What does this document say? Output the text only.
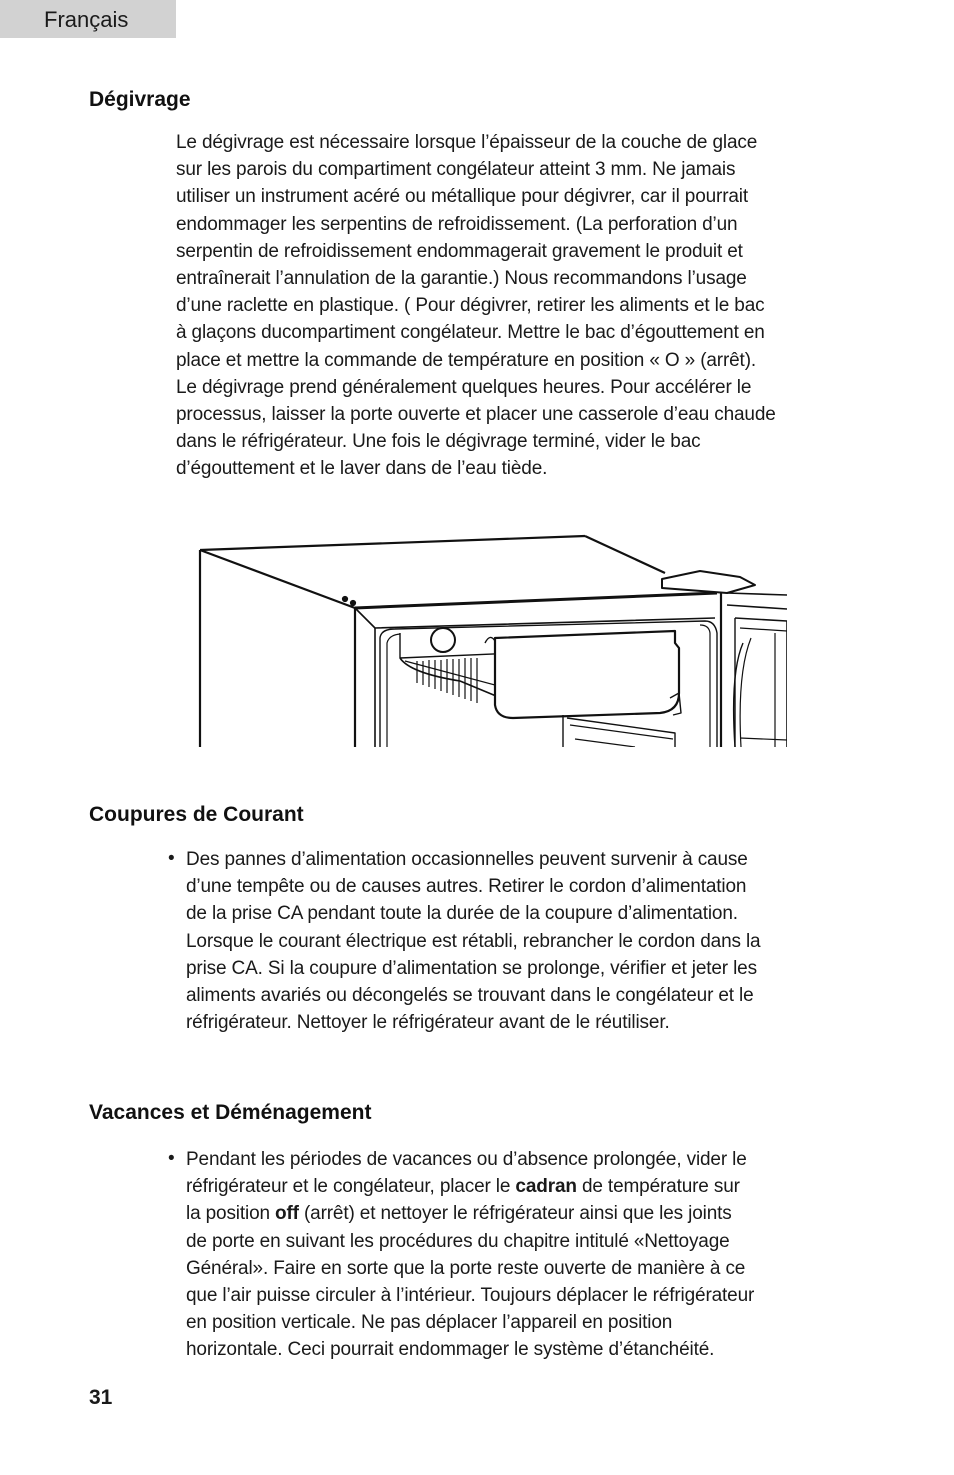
Français
Dégivrage
Le dégivrage est nécessaire lorsque l’épaisseur de la couche de glace
sur les parois du compartiment congélateur atteint 3 mm. Ne jamais
utiliser un instrument acéré ou métallique pour dégivrer, car il pourrait
endommager les serpentins de refroidissement. (La perforation d’un
serpentin de refroidissement endommagerait gravement le produit et
entraînerait l’annulation de la garantie.) Nous recommandons l’usage
d’une raclette en plastique. ( Pour dégivrer, retirer les aliments et le bac
à glaçons ducompartiment congélateur. Mettre le bac d’égouttement en
place et mettre la commande de température en position « O » (arrêt).
Le dégivrage prend généralement quelques heures. Pour accélérer le
processus, laisser la porte ouverte et placer une casserole d’eau chaude
dans le réfrigérateur. Une fois le dégivrage terminé, vider le bac
d’égouttement et le laver dans de l’eau tiède.
Coupures de Courant
• Des pannes d’alimentation occasionnelles peuvent survenir à cause
d’une tempête ou de causes autres. Retirer le cordon d’alimentation
de la prise CA pendant toute la durée de la coupure d’alimentation.
Lorsque le courant électrique est rétabli, rebrancher le cordon dans la
prise CA. Si la coupure d’alimentation se prolonge, vérifier et jeter les
aliments avariés ou décongelés se trouvant dans le congélateur et le
réfrigérateur. Nettoyer le réfrigérateur avant de le réutiliser.
Vacances et Déménagement
• Pendant les périodes de vacances ou d’absence prolongée, vider le
réfrigérateur et le congélateur, placer le cadran de température sur
la position off (arrêt) et nettoyer le réfrigérateur ainsi que les joints
de porte en suivant les procédures du chapitre intitulé «Nettoyage
Général». Faire en sorte que la porte reste ouverte de manière à ce
que l’air puisse circuler à l’intérieur. Toujours déplacer le réfrigérateur
en position verticale. Ne pas déplacer l’appareil en position
horizontale. Ceci pourrait endommager le système d’étanchéité.
31
